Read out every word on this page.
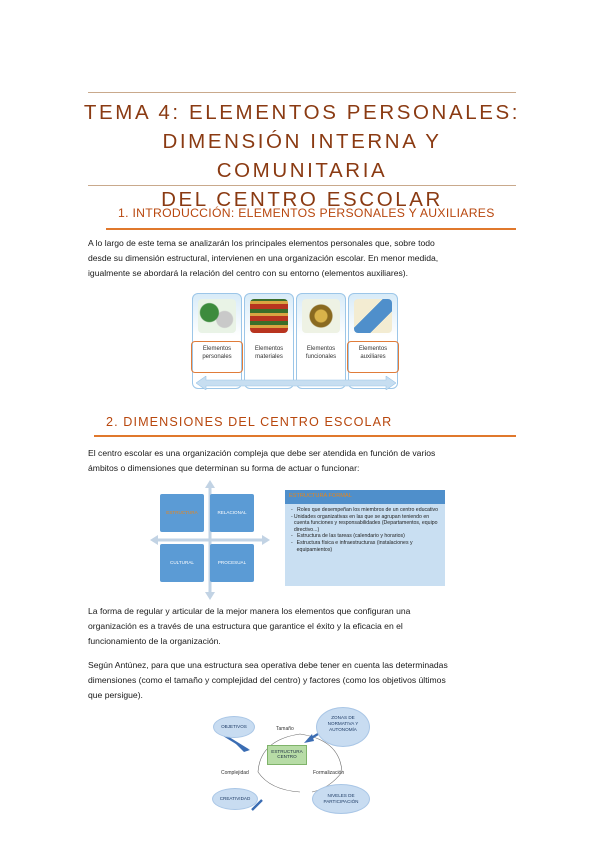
TEMA 4: ELEMENTOS PERSONALES:
DIMENSIÓN INTERNA Y COMUNITARIA
DEL CENTRO ESCOLAR
1. INTRODUCCIÓN: ELEMENTOS PERSONALES Y AUXILIARES

A lo largo de este tema se analizarán los principales elementos personales que, sobre todo

desde su dimensión estructural, intervienen en una organización escolar. En menor medida,

igualmente se abordará la relación del centro con su entorno (elementos auxiliares).

Elementos
personales
Elementos
materiales
Elementos
funcionales
Elementos
auxiliares
2. DIMENSIONES DEL CENTRO ESCOLAR

El centro escolar es una organización compleja que debe ser atendida en función de varios

ámbitos o dimensiones que determinan su forma de actuar o funcionar:

ESTRUCTURA	RELACIONAL
CULTURAL	PROCESUAL
ESTRUCTURA FORMAL
- Roles que desempeñan los miembros de un centro educativo
- Unidades organizativas en las que se agrupan teniendo en cuenta funciones y responsabilidades (Departamentos, equipo directivo...)
- Estructura de las tareas (calendario y horarios)
- Estructura física e infraestructuras (instalaciones y equipamientos)

La forma de regular y articular de la mejor manera los elementos que configuran una

organización es a través de una estructura que garantice el éxito y la eficacia en el

funcionamiento de la organización.

Según Antúnez, para que una estructura sea operativa debe tener en cuenta las determinadas

dimensiones (como el tamaño y complejidad del centro) y factores (como los objetivos últimos

que persigue).

ESTRUCTURA
CENTRO
Tamaño
Complejidad	Formalización
OBJETIVOS
ZONAS DE
NORMATIVA Y
AUTONOMÍA
CREATIVIDAD
NIVELES DE
PARTICIPACIÓN
